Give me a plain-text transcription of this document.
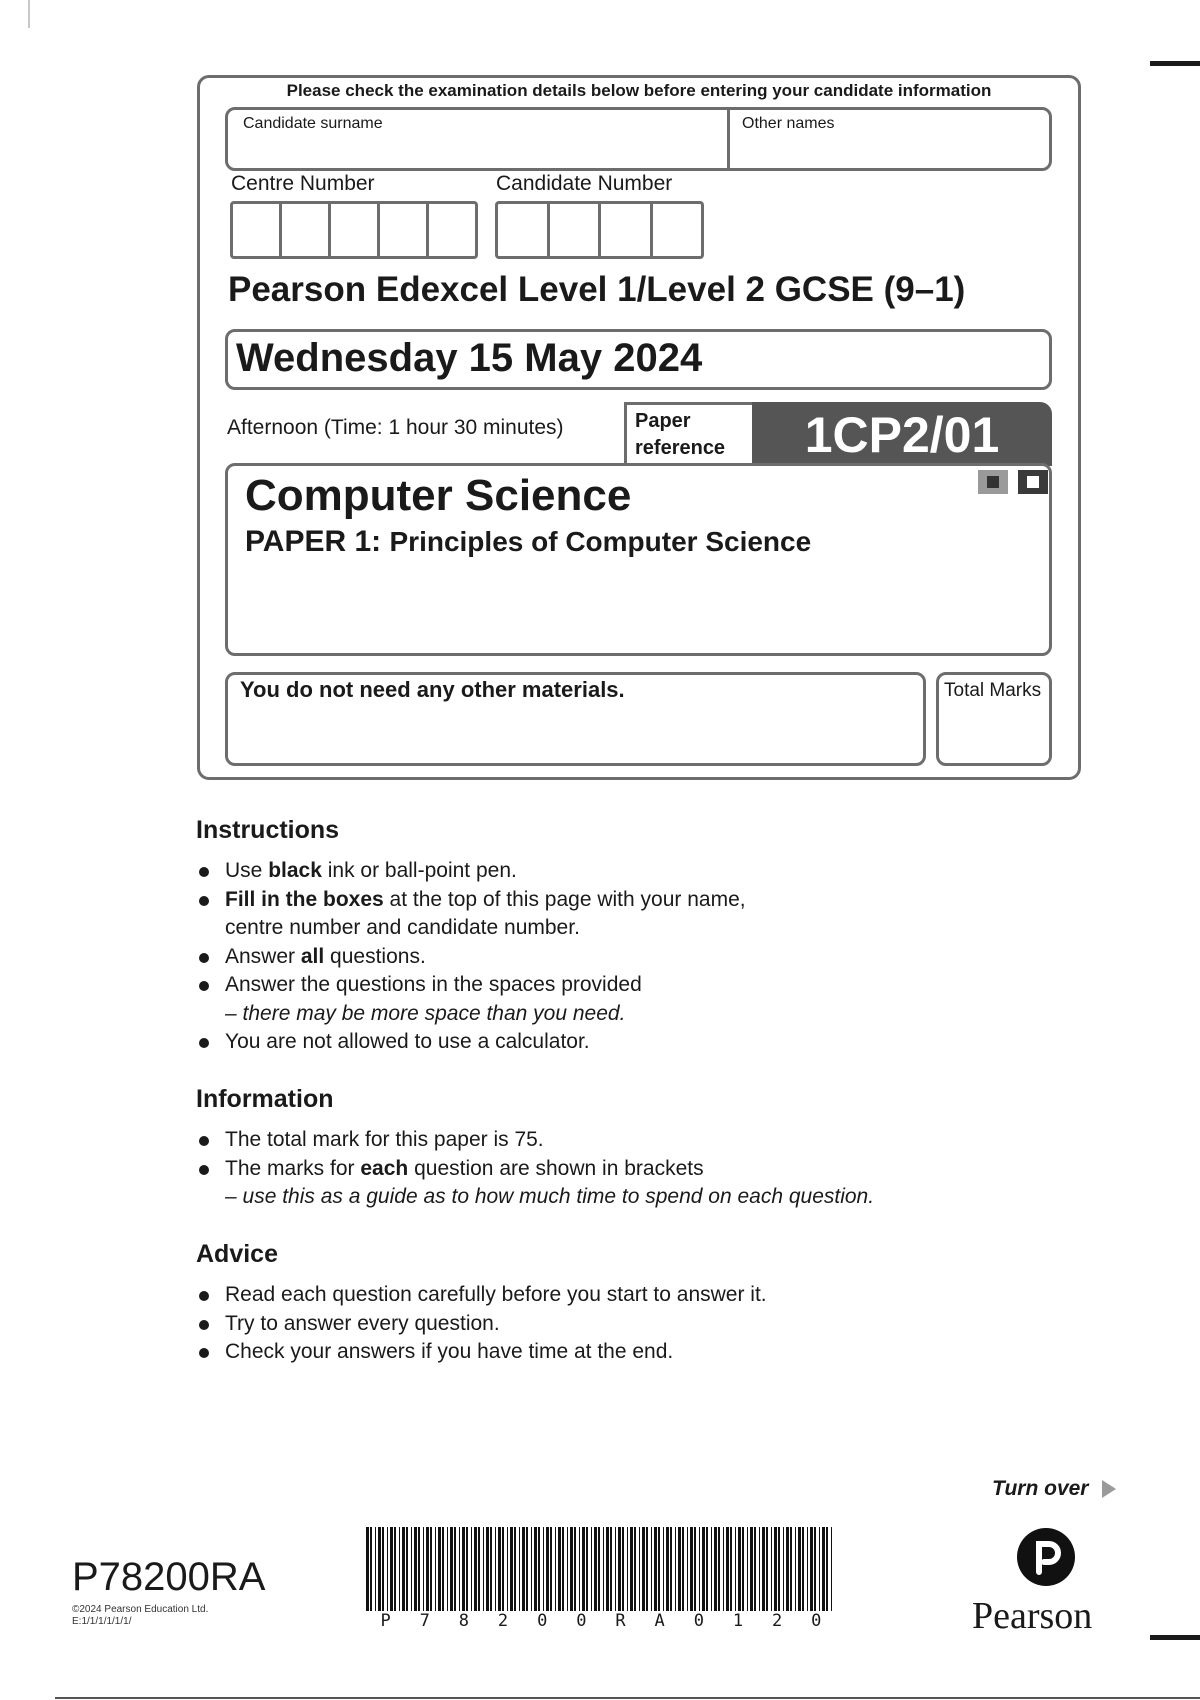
Please check the examination details below before entering your candidate information
Candidate surname	Other names
Centre Number	Candidate Number
Pearson Edexcel Level 1/Level 2 GCSE (9–1)
Wednesday 15 May 2024
Afternoon (Time: 1 hour 30 minutes)	Paper
reference	1CP2/01
Computer Science
PAPER 1: Principles of Computer Science
You do not need any other materials.	Total Marks
Instructions
Use black ink or ball-point pen.
Fill in the boxes at the top of this page with your name,
centre number and candidate number.
Answer all questions.
Answer the questions in the spaces provided
– there may be more space than you need.
You are not allowed to use a calculator.
Information
The total mark for this paper is 75.
The marks for each question are shown in brackets
– use this as a guide as to how much time to spend on each question.
Advice
Read each question carefully before you start to answer it.
Try to answer every question.
Check your answers if you have time at the end.
Turn over
P78200RA
©2024 Pearson Education Ltd.
E:1/1/1/1/1/1/	P 7 8 2 0 0 R A 0 1 2 0	Pearson
